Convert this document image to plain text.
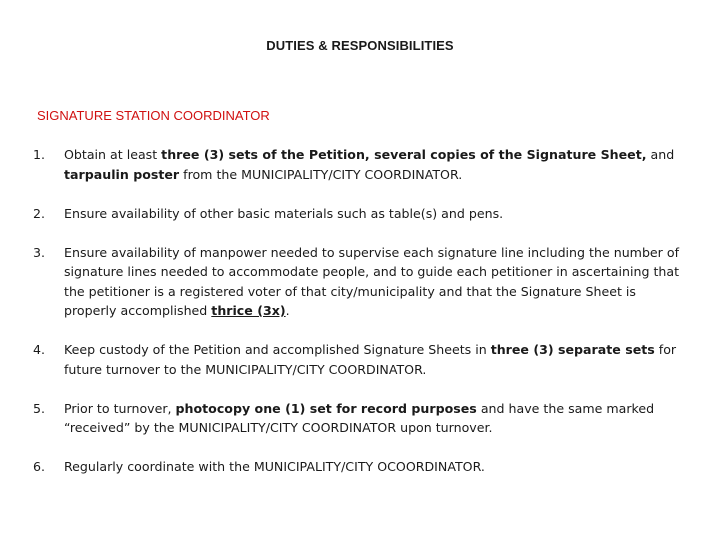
DUTIES & RESPONSIBILITIES
SIGNATURE STATION COORDINATOR
1. Obtain at least three (3) sets of the Petition, several copies of the Signature Sheet, and tarpaulin poster from the MUNICIPALITY/CITY COORDINATOR.
2. Ensure availability of other basic materials such as table(s) and pens.
3. Ensure availability of manpower needed to supervise each signature line including the number of signature lines needed to accommodate people, and to guide each petitioner in ascertaining that the petitioner is a registered voter of that city/municipality and that the Signature Sheet is properly accomplished thrice (3x).
4. Keep custody of the Petition and accomplished Signature Sheets in three (3) separate sets for future turnover to the MUNICIPALITY/CITY COORDINATOR.
5. Prior to turnover, photocopy one (1) set for record purposes and have the same marked “received” by the MUNICIPALITY/CITY COORDINATOR upon turnover.
6. Regularly coordinate with the MUNICIPALITY/CITY OCOORDINATOR.
